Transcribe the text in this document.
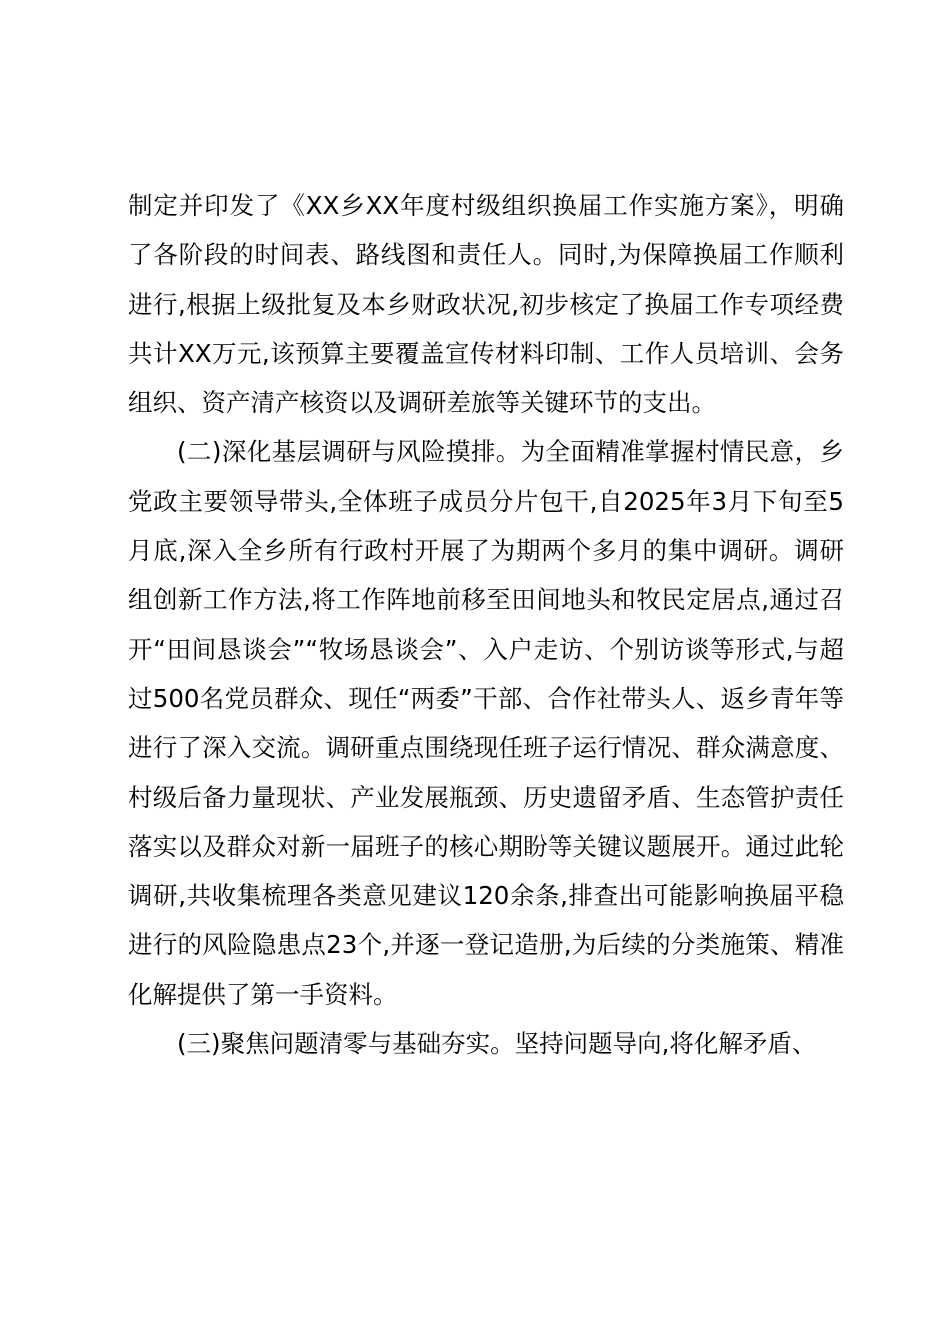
制定并印发了《XX乡XX年度村级组织换届工作实施方案》，明确了各阶段的时间表、路线图和责任人。同时,为保障换届工作顺利进行,根据上级批复及本乡财政状况,初步核定了换届工作专项经费共计XX万元,该预算主要覆盖宣传材料印制、工作人员培训、会务组织、资产清产核资以及调研差旅等关键环节的支出。

(二)深化基层调研与风险摸排。为全面精准掌握村情民意，乡党政主要领导带头,全体班子成员分片包干,自2025年3月下旬至5月底,深入全乡所有行政村开展了为期两个多月的集中调研。调研组创新工作方法,将工作阵地前移至田间地头和牧民定居点,通过召开“田间恳谈会”“牧场恳谈会”、入户走访、个别访谈等形式,与超过500名党员群众、现任“两委”干部、合作社带头人、返乡青年等进行了深入交流。调研重点围绕现任班子运行情况、群众满意度、村级后备力量现状、产业发展瓶颈、历史遗留矛盾、生态管护责任落实以及群众对新一届班子的核心期盼等关键议题展开。通过此轮调研,共收集梳理各类意见建议120余条,排查出可能影响换届平稳进行的风险隐患点23个,并逐一登记造册,为后续的分类施策、精准化解提供了第一手资料。

(三)聚焦问题清零与基础夯实。坚持问题导向,将化解矛盾、
